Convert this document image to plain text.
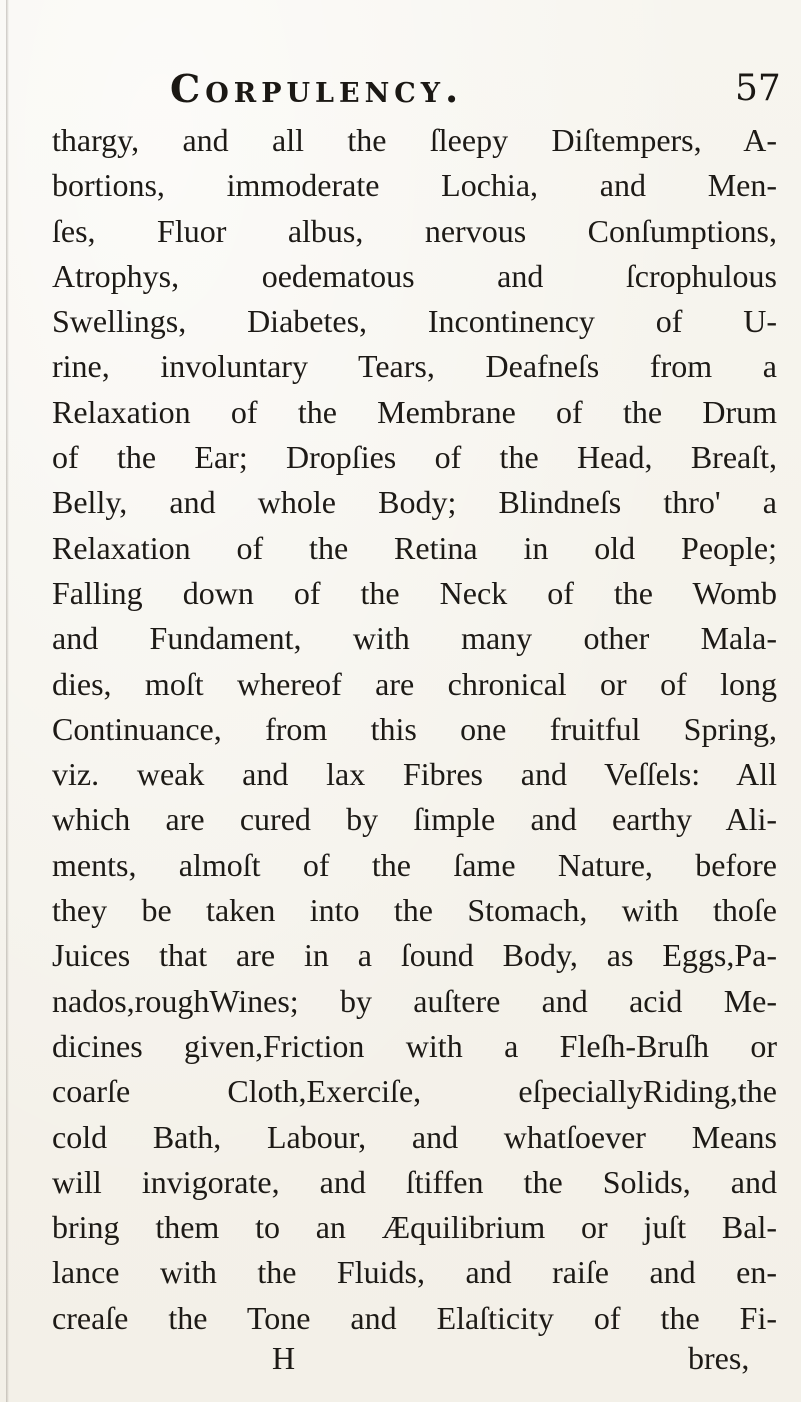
Corpulency.	57
thargy, and all the ſleepy Diſtempers, A-
bortions, immoderate Lochia, and Men-
ſes, Fluor albus, nervous Conſumptions,
Atrophys, oedematous and ſcrophulous
Swellings, Diabetes, Incontinency of U-
rine, involuntary Tears, Deafneſs from a
Relaxation of the Membrane of the Drum
of the Ear; Dropſies of the Head, Breaſt,
Belly, and whole Body; Blindneſs thro' a
Relaxation of the Retina in old People;
Falling down of the Neck of the Womb
and Fundament, with many other Mala-
dies, moſt whereof are chronical or of long
Continuance, from this one fruitful Spring,
viz. weak and lax Fibres and Veſſels: All
which are cured by ſimple and earthy Ali-
ments, almoſt of the ſame Nature, before
they be taken into the Stomach, with thoſe
Juices that are in a ſound Body, as Eggs,Pa-
nados,roughWines; by auſtere and acid Me-
dicines given,Friction with a Fleſh-Bruſh or
coarſe Cloth,Exerciſe, eſpeciallyRiding,the
cold Bath, Labour, and whatſoever Means
will invigorate, and ſtiffen the Solids, and
bring them to an Æquilibrium or juſt Bal-
lance with the Fluids, and raiſe and en-
creaſe the Tone and Elaſticity of the Fi-
H	bres,
